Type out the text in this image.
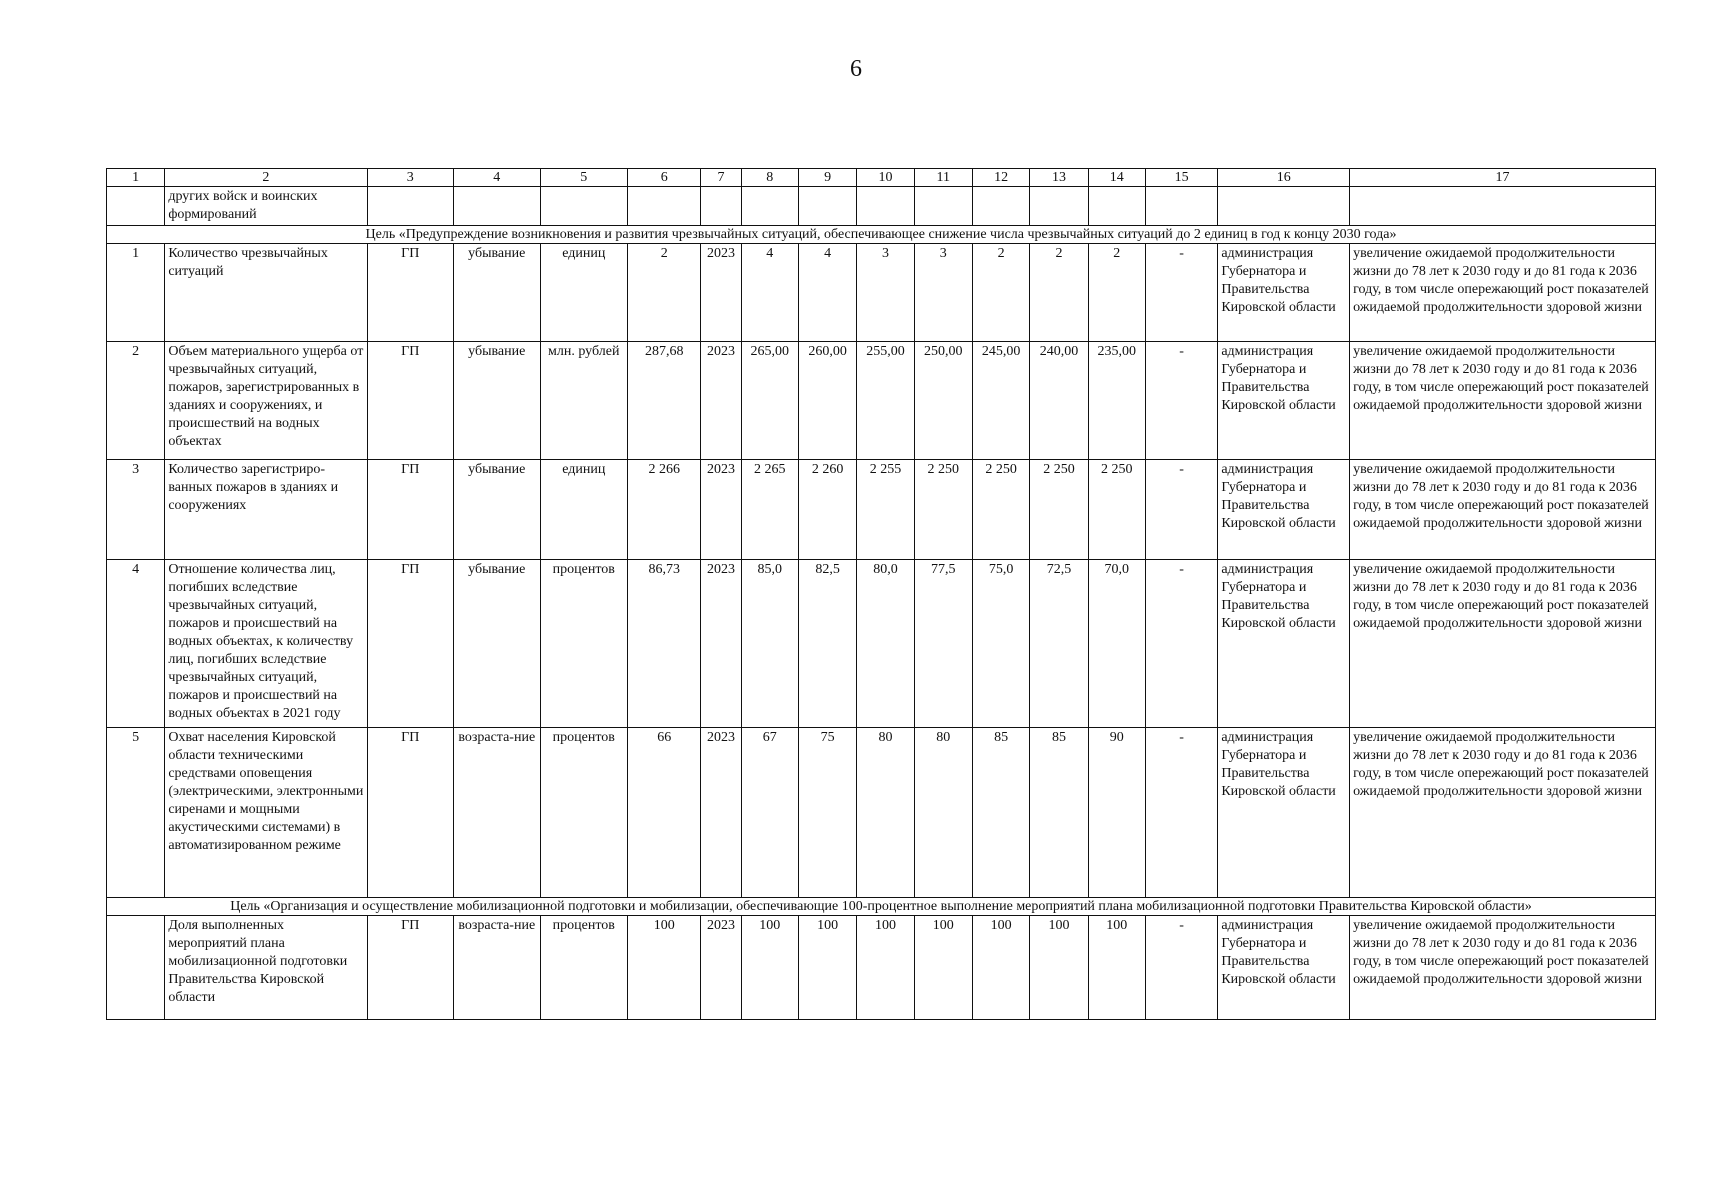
6
1	2	3	4	5	6	7	8	9	10	11	12	13	14	15	16	17
	других войск и воинских формирований															
Цель «Предупреждение возникновения и развития чрезвычайных ситуаций, обеспечивающее снижение числа чрезвычайных ситуаций до 2 единиц в год к концу 2030 года»																
1	Количество чрезвычайных ситуаций	ГП	убывание	единиц	2	2023	4	4	3	3	2	2	2	-	администрация Губернатора и Правительства Кировской области	увеличение ожидаемой продолжительности жизни до 78 лет к 2030 году и до 81 года к 2036 году, в том числе опережающий рост показателей ожидаемой продолжительности здоровой жизни
2	Объем материального ущерба от чрезвычайных ситуаций, пожаров, зарегистрированных в зданиях и сооружениях, и происшествий на водных объектах	ГП	убывание	млн. рублей	287,68	2023	265,00	260,00	255,00	250,00	245,00	240,00	235,00	-	администрация Губернатора и Правительства Кировской области	увеличение ожидаемой продолжительности жизни до 78 лет к 2030 году и до 81 года к 2036 году, в том числе опережающий рост показателей ожидаемой продолжительности здоровой жизни
3	Количество зарегистриро-ванных пожаров в зданиях и сооружениях	ГП	убывание	единиц	2 266	2023	2 265	2 260	2 255	2 250	2 250	2 250	2 250	-	администрация Губернатора и Правительства Кировской области	увеличение ожидаемой продолжительности жизни до 78 лет к 2030 году и до 81 года к 2036 году, в том числе опережающий рост показателей ожидаемой продолжительности здоровой жизни
4	Отношение количества лиц, погибших вследствие чрезвычайных ситуаций, пожаров и происшествий на водных объектах, к количеству лиц, погибших вследствие чрезвычайных ситуаций, пожаров и происшествий на водных объектах в 2021 году	ГП	убывание	процентов	86,73	2023	85,0	82,5	80,0	77,5	75,0	72,5	70,0	-	администрация Губернатора и Правительства Кировской области	увеличение ожидаемой продолжительности жизни до 78 лет к 2030 году и до 81 года к 2036 году, в том числе опережающий рост показателей ожидаемой продолжительности здоровой жизни
5	Охват населения Кировской области техническими средствами оповещения (электрическими, электронными сиренами и мощными акустическими системами) в автоматизированном режиме	ГП	возраста-ние	процентов	66	2023	67	75	80	80	85	85	90	-	администрация Губернатора и Правительства Кировской области	увеличение ожидаемой продолжительности жизни до 78 лет к 2030 году и до 81 года к 2036 году, в том числе опережающий рост показателей ожидаемой продолжительности здоровой жизни
Цель «Организация и осуществление мобилизационной подготовки и мобилизации, обеспечивающие 100-процентное выполнение мероприятий плана мобилизационной подготовки Правительства Кировской области»																
	Доля выполненных мероприятий плана мобилизационной подготовки Правительства Кировской области	ГП	возраста-ние	процентов	100	2023	100	100	100	100	100	100	100	-	администрация Губернатора и Правительства Кировской области	увеличение ожидаемой продолжительности жизни до 78 лет к 2030 году и до 81 года к 2036 году, в том числе опережающий рост показателей ожидаемой продолжительности здоровой жизни
